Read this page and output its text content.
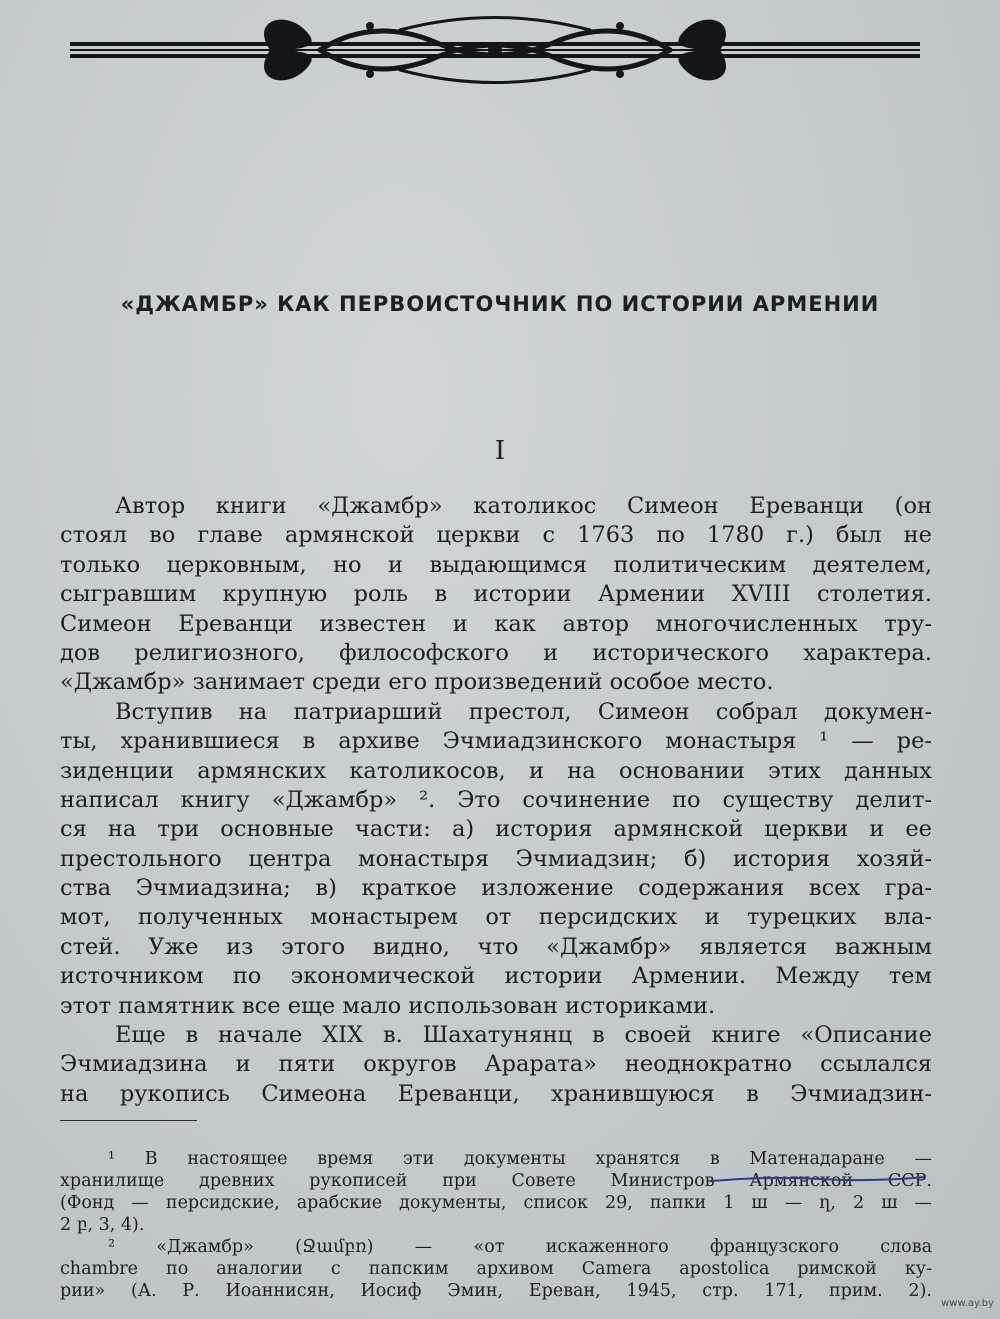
«ДЖАМБР» КАК ПЕРВОИСТОЧНИК ПО ИСТОРИИ АРМЕНИИ
I
Автор книги «Джамбр» католикос Симеон Ереванци (он
стоял во главе армянской церкви с 1763 по 1780 г.) был не
только церковным, но и выдающимся политическим деятелем,
сыгравшим крупную роль в истории Армении XVIII столетия.
Симеон Ереванци известен и как автор многочисленных тру-
дов религиозного, философского и исторического характера.
«Джамбр» занимает среди его произведений особое место.
Вступив на патриарший престол, Симеон собрал докумен-
ты, хранившиеся в архиве Эчмиадзинского монастыря ¹ — ре-
зиденции армянских католикосов, и на основании этих данных
написал книгу «Джамбр» ². Это сочинение по существу делит-
ся на три основные части: а) история армянской церкви и ее
престольного центра монастыря Эчмиадзин; б) история хозяй-
ства Эчмиадзина; в) краткое изложение содержания всех гра-
мот, полученных монастырем от персидских и турецких вла-
стей. Уже из этого видно, что «Джамбр» является важным
источником по экономической истории Армении. Между тем
этот памятник все еще мало использован историками.
Еще в начале XIX в. Шахатунянц в своей книге «Описание
Эчмиадзина и пяти округов Арарата» неоднократно ссылался
на рукопись Симеона Ереванци, хранившуюся в Эчмиадзин-
¹ В настоящее время эти документы хранятся в Матенадаране —
хранилище древних рукописей при Совете Министров Армянской ССР.
(Фонд — персидские, арабские документы, список 29, папки 1 ш — ղ, 2 ш —
2 բ, 3, 4).
² «Джамбр» (Ջամբռ) — «от искаженного французского слова
chambre по аналогии с папским архивом Camera apostolica римской ку-
рии» (А. Р. Иоаннисян, Иосиф Эмин, Ереван, 1945, стр. 171, прим. 2).
www.ay.by
